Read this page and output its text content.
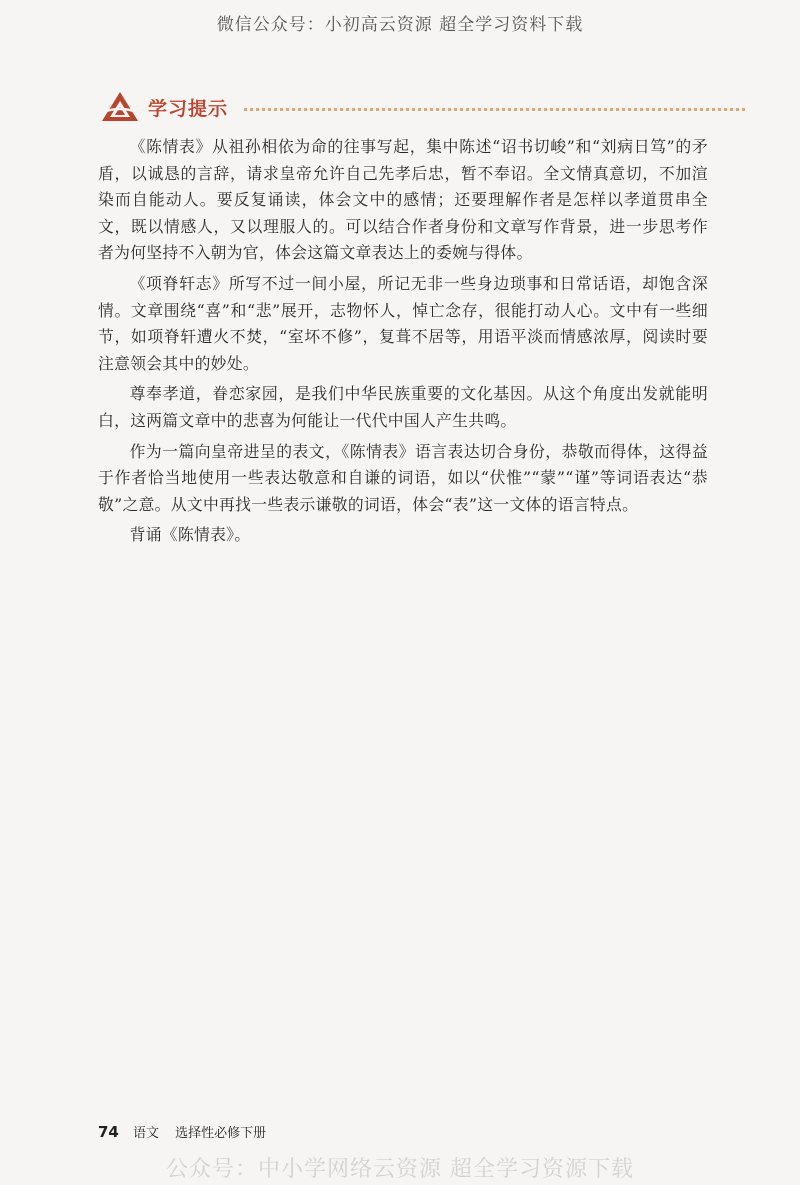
微信公众号：小初高云资源 超全学习资料下载
学习提示

《陈情表》从祖孙相依为命的往事写起，集中陈述“诏书切峻”和“刘病日笃”的矛盾，以诚恳的言辞，请求皇帝允许自己先孝后忠，暂不奉诏。全文情真意切，不加渲染而自能动人。要反复诵读，体会文中的感情；还要理解作者是怎样以孝道贯串全文，既以情感人，又以理服人的。可以结合作者身份和文章写作背景，进一步思考作者为何坚持不入朝为官，体会这篇文章表达上的委婉与得体。

《项脊轩志》所写不过一间小屋，所记无非一些身边琐事和日常话语，却饱含深情。文章围绕“喜”和“悲”展开，志物怀人，悼亡念存，很能打动人心。文中有一些细节，如项脊轩遭火不焚，“室坏不修”，复葺不居等，用语平淡而情感浓厚，阅读时要注意领会其中的妙处。

尊奉孝道，眷恋家园，是我们中华民族重要的文化基因。从这个角度出发就能明白，这两篇文章中的悲喜为何能让一代代中国人产生共鸣。

作为一篇向皇帝进呈的表文，《陈情表》语言表达切合身份，恭敬而得体，这得益于作者恰当地使用一些表达敬意和自谦的词语，如以“伏惟”“蒙”“谨”等词语表达“恭敬”之意。从文中再找一些表示谦敬的词语，体会“表”这一文体的语言特点。

背诵《陈情表》。

74 语文 选择性必修下册
公众号：中小学网络云资源 超全学习资源下载
